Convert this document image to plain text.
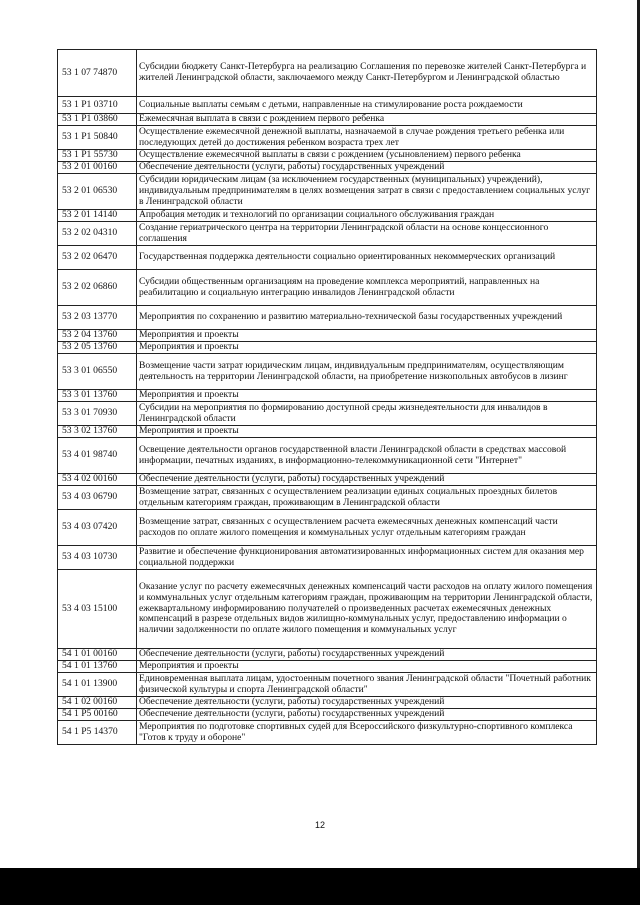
53 1 07 74870	Субсидии бюджету Санкт-Петербурга на реализацию Соглашения по перевозке жителей Санкт-Петербурга и жителей Ленинградской области, заключаемого между Санкт-Петербургом и Ленинградской областью
53 1 P1 03710	Социальные выплаты семьям с детьми, направленные на стимулирование роста рождаемости
53 1 P1 03860	Ежемесячная выплата в связи с рождением первого ребенка
53 1 P1 50840	Осуществление ежемесячной денежной выплаты, назначаемой в случае рождения третьего ребенка или последующих детей до достижения ребенком возраста трех лет
53 1 P1 55730	Осуществление ежемесячной выплаты в связи с рождением (усыновлением) первого ребенка
53 2 01 00160	Обеспечение деятельности (услуги, работы) государственных учреждений
53 2 01 06530	Субсидии юридическим лицам (за исключением государственных (муниципальных) учреждений), индивидуальным предпринимателям в целях возмещения затрат в связи с предоставлением социальных услуг в Ленинградской области
53 2 01 14140	Апробация методик и технологий по организации социального обслуживания граждан
53 2 02 04310	Создание гериатрического центра на территории Ленинградской области на основе концессионного соглашения
53 2 02 06470	Государственная поддержка деятельности социально ориентированных некоммерческих организаций
53 2 02 06860	Субсидии общественным организациям на проведение комплекса мероприятий, направленных на реабилитацию и социальную интеграцию инвалидов Ленинградской области
53 2 03 13770	Мероприятия по сохранению и развитию материально-технической базы государственных учреждений
53 2 04 13760	Мероприятия и проекты
53 2 05 13760	Мероприятия и проекты
53 3 01 06550	Возмещение части затрат юридическим лицам, индивидуальным предпринимателям, осуществляющим деятельность на территории Ленинградской области, на приобретение низкопольных автобусов в лизинг
53 3 01 13760	Мероприятия и проекты
53 3 01 70930	Субсидии на мероприятия по формированию доступной среды жизнедеятельности для инвалидов в Ленинградской области
53 3 02 13760	Мероприятия и проекты
53 4 01 98740	Освещение деятельности органов государственной власти Ленинградской области в средствах массовой информации, печатных изданиях, в информационно-телекоммуникационной сети "Интернет"
53 4 02 00160	Обеспечение деятельности (услуги, работы) государственных учреждений
53 4 03 06790	Возмещение затрат, связанных с осуществлением реализации единых социальных проездных билетов отдельным категориям граждан, проживающим в Ленинградской области
53 4 03 07420	Возмещение затрат, связанных с осуществлением расчета ежемесячных денежных компенсаций части расходов по оплате жилого помещения и коммунальных услуг отдельным категориям граждан
53 4 03 10730	Развитие и обеспечение функционирования автоматизированных информационных систем для оказания мер социальной поддержки
53 4 03 15100	Оказание услуг по расчету ежемесячных денежных компенсаций части расходов на оплату жилого помещения и коммунальных услуг отдельным категориям граждан, проживающим на территории Ленинградской области, ежеквартальному информированию получателей о произведенных расчетах ежемесячных денежных компенсаций в разрезе отдельных видов жилищно-коммунальных услуг, предоставлению информации о наличии задолженности по оплате жилого помещения и коммунальных услуг
54 1 01 00160	Обеспечение деятельности (услуги, работы) государственных учреждений
54 1 01 13760	Мероприятия и проекты
54 1 01 13900	Единовременная выплата лицам, удостоенным почетного звания Ленинградской области "Почетный работник физической культуры и спорта Ленинградской области"
54 1 02 00160	Обеспечение деятельности (услуги, работы) государственных учреждений
54 1 P5 00160	Обеспечение деятельности (услуги, работы) государственных учреждений
54 1 P5 14370	Мероприятия по подготовке спортивных судей для Всероссийского физкультурно-спортивного комплекса "Готов к труду и обороне"
12
